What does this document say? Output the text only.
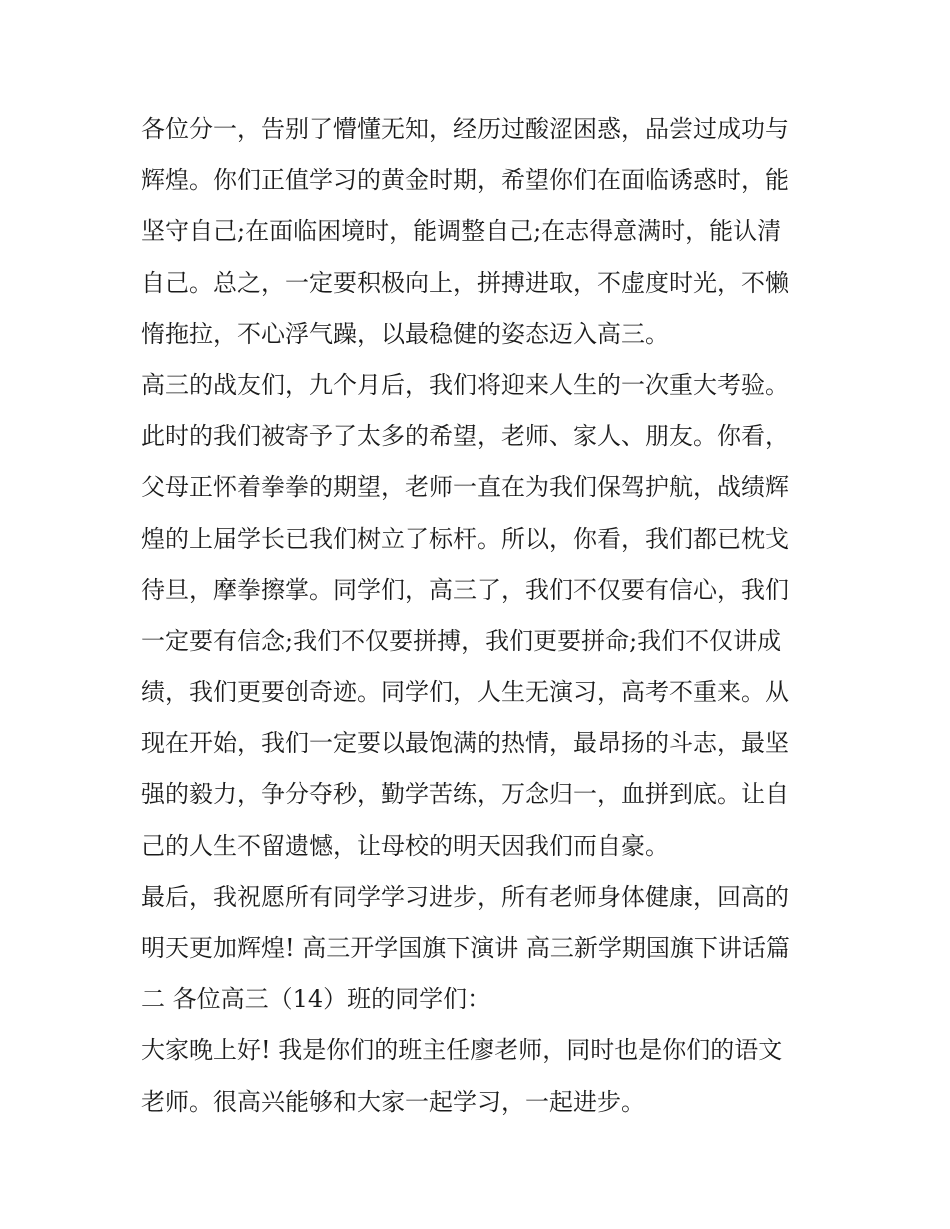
各位分一，告别了懵懂无知，经历过酸涩困惑，品尝过成功与
辉煌。你们正值学习的黄金时期，希望你们在面临诱惑时，能
坚守自己;在面临困境时，能调整自己;在志得意满时，能认清
自己。总之，一定要积极向上，拼搏进取，不虚度时光，不懒
惰拖拉，不心浮气躁，以最稳健的姿态迈入高三。

高三的战友们，九个月后，我们将迎来人生的一次重大考验。
此时的我们被寄予了太多的希望，老师、家人、朋友。你看，
父母正怀着拳拳的期望，老师一直在为我们保驾护航，战绩辉
煌的上届学长已我们树立了标杆。所以，你看，我们都已枕戈
待旦，摩拳擦掌。同学们，高三了，我们不仅要有信心，我们
一定要有信念;我们不仅要拼搏，我们更要拼命;我们不仅讲成
绩，我们更要创奇迹。同学们，人生无演习，高考不重来。从
现在开始，我们一定要以最饱满的热情，最昂扬的斗志，最坚
强的毅力，争分夺秒，勤学苦练，万念归一，血拼到底。让自
己的人生不留遗憾，让母校的明天因我们而自豪。

最后，我祝愿所有同学学习进步，所有老师身体健康，回高的
明天更加辉煌! 高三开学国旗下演讲 高三新学期国旗下讲话篇
二 各位高三（14）班的同学们：

大家晚上好! 我是你们的班主任廖老师，同时也是你们的语文
老师。很高兴能够和大家一起学习，一起进步。
